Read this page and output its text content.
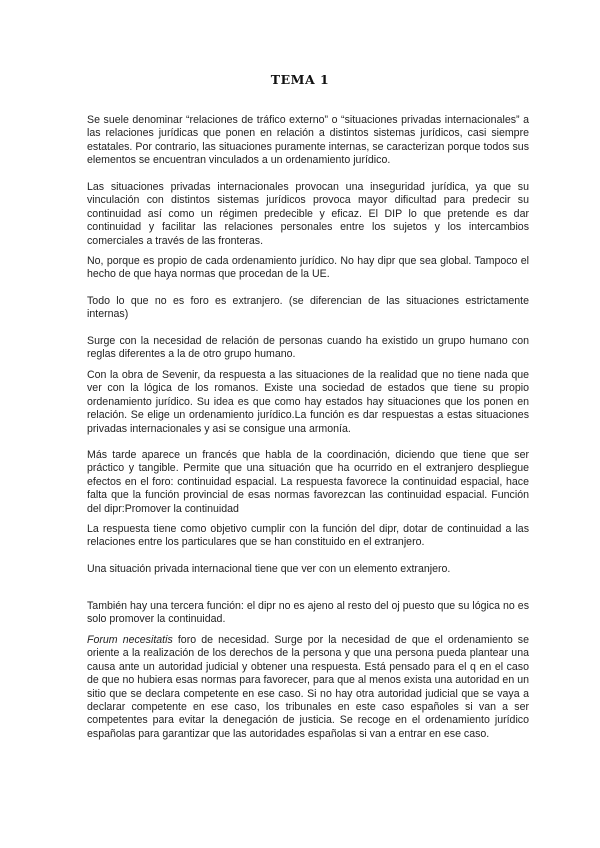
TEMA 1

Se suele denominar “relaciones de tráfico externo” o “situaciones privadas internacionales” a las relaciones jurídicas que ponen en relación a distintos sistemas jurídicos, casi siempre estatales. Por contrario, las situaciones puramente internas, se caracterizan porque todos sus elementos se encuentran vinculados a un ordenamiento jurídico.

Las situaciones privadas internacionales provocan una inseguridad jurídica, ya que su vinculación con distintos sistemas jurídicos provoca mayor dificultad para predecir su continuidad así como un régimen predecible y eficaz. El DIP lo que pretende es dar continuidad y facilitar las relaciones personales entre los sujetos y los intercambios comerciales a través de las fronteras.

No, porque es propio de cada ordenamiento jurídico. No hay dipr que sea global. Tampoco el hecho de que haya normas que procedan de la UE.

Todo lo que no es foro es extranjero. (se diferencian de las situaciones estrictamente internas)

Surge con la necesidad de relación de personas cuando ha existido un grupo humano con reglas diferentes a la de otro grupo humano.

Con la obra de Sevenir, da respuesta a las situaciones de la realidad que no tiene nada que ver con la lógica de los romanos. Existe una sociedad de estados que tiene su propio ordenamiento jurídico. Su idea es que como hay estados hay situaciones que los ponen en relación. Se elige un ordenamiento jurídico.La función es dar respuestas a estas situaciones privadas internacionales y asi se consigue una armonía.

Más tarde aparece un francés que habla de la coordinación, diciendo que tiene que ser práctico y tangible. Permite que una situación que ha ocurrido en el extranjero despliegue efectos en el foro: continuidad espacial. La respuesta favorece la continuidad espacial, hace falta que la función provincial de esas normas favorezcan las continuidad espacial. Función del dipr:Promover la continuidad

La respuesta tiene como objetivo cumplir con la función del dipr, dotar de continuidad a las relaciones entre los particulares que se han constituido en el extranjero.

Una situación privada internacional tiene que ver con un elemento extranjero.

También hay una tercera función: el dipr no es ajeno al resto del oj puesto que su lógica no es solo promover la continuidad.

Forum necesitatis foro de necesidad. Surge por la necesidad de que el ordenamiento se oriente a la realización de los derechos de la persona y que una persona pueda plantear una causa ante un autoridad judicial y obtener una respuesta. Está pensado para el q en el caso de que no hubiera esas normas para favorecer, para que al menos exista una autoridad en un sitio que se declara competente en ese caso. Si no hay otra autoridad judicial que se vaya a declarar competente en ese caso, los tribunales en este caso españoles si van a ser competentes para evitar la denegación de justicia. Se recoge en el ordenamiento jurídico españolas para garantizar que las autoridades españolas si van a entrar en ese caso.
